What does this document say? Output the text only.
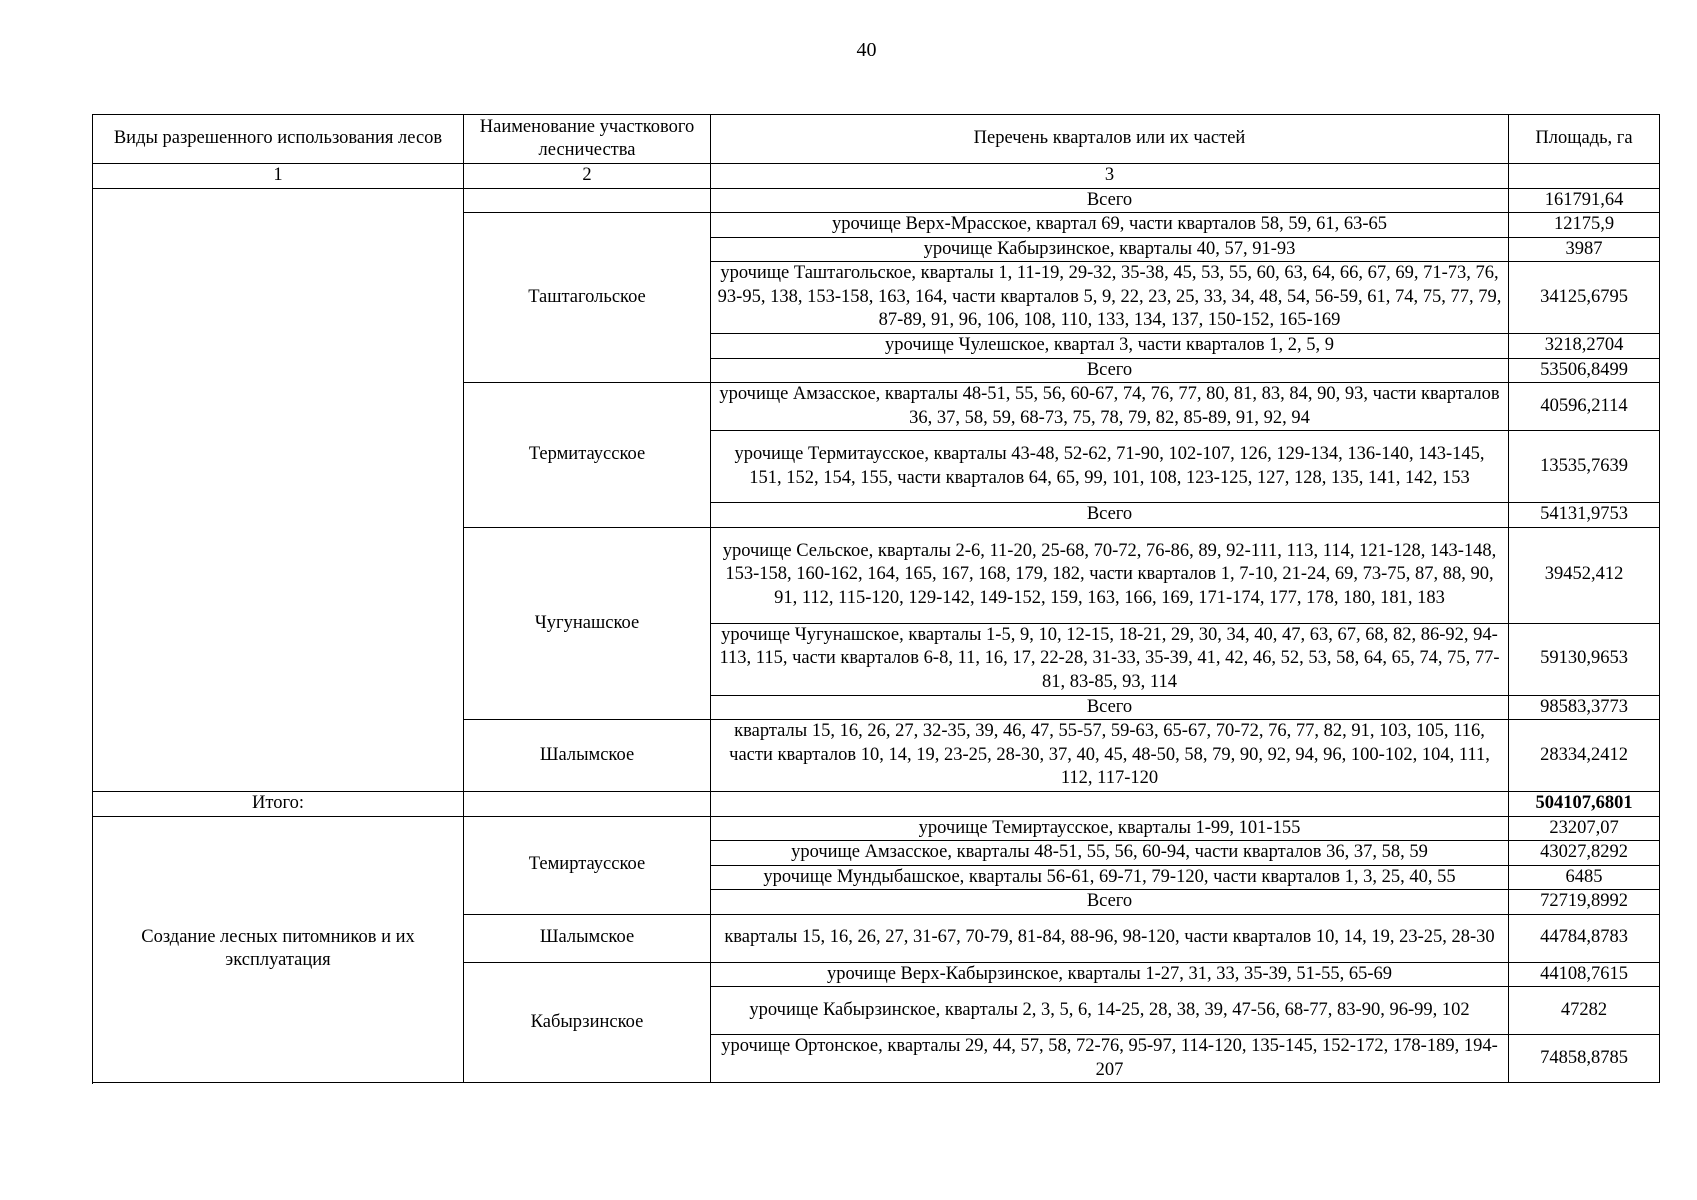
40
Виды разрешенного использования лесов	Наименование участкового лесничества	Перечень кварталов или их частей	Площадь, га
1	2	3	
		Всего	161791,64
	Таштагольское	урочище Верх-Мрасское, квартал 69, части кварталов 58, 59, 61, 63-65	12175,9
		урочище Кабырзинское, кварталы 40, 57, 91-93	3987
		урочище Таштагольское, кварталы 1, 11-19, 29-32, 35-38, 45, 53, 55, 60, 63, 64, 66, 67, 69, 71-73, 76, 93-95, 138, 153-158, 163, 164, части кварталов 5, 9, 22, 23, 25, 33, 34, 48, 54, 56-59, 61, 74, 75, 77, 79, 87-89, 91, 96, 106, 108, 110, 133, 134, 137, 150-152, 165-169	34125,6795
		урочище Чулешское, квартал 3, части кварталов 1, 2, 5, 9	3218,2704
		Всего	53506,8499

	Термитаусское	урочище Амзасское, кварталы 48-51, 55, 56, 60-67, 74, 76, 77, 80, 81, 83, 84, 90, 93, части кварталов 36, 37, 58, 59, 68-73, 75, 78, 79, 82, 85-89, 91, 92, 94	40596,2114
		урочище Термитаусское, кварталы 43-48, 52-62, 71-90, 102-107, 126, 129-134, 136-140, 143-145, 151, 152, 154, 155, части кварталов 64, 65, 99, 101, 108, 123-125, 127, 128, 135, 141, 142, 153	13535,7639
		Всего	54131,9753
	Чугунашское	урочище Сельское, кварталы 2-6, 11-20, 25-68, 70-72, 76-86, 89, 92-111, 113, 114, 121-128, 143-148, 153-158, 160-162, 164, 165, 167, 168, 179, 182, части кварталов 1, 7-10, 21-24, 69, 73-75, 87, 88, 90, 91, 112, 115-120, 129-142, 149-152, 159, 163, 166, 169, 171-174, 177, 178, 180, 181, 183	39452,412
		урочище Чугунашское, кварталы 1-5, 9, 10, 12-15, 18-21, 29, 30, 34, 40, 47, 63, 67, 68, 82, 86-92, 94-113, 115, части кварталов 6-8, 11, 16, 17, 22-28, 31-33, 35-39, 41, 42, 46, 52, 53, 58, 64, 65, 74, 75, 77-81, 83-85, 93, 114	59130,9653
		Всего	98583,3773
	Шалымское	кварталы 15, 16, 26, 27, 32-35, 39, 46, 47, 55-57, 59-63, 65-67, 70-72, 76, 77, 82, 91, 103, 105, 116, части кварталов 10, 14, 19, 23-25, 28-30, 37, 40, 45, 48-50, 58, 79, 90, 92, 94, 96, 100-102, 104, 111, 112, 117-120	28334,2412

Итого:			504107,6801
Создание лесных питомников и их эксплуатация	Темиртаусское	урочище Темиртаусское, кварталы 1-99, 101-155	23207,07
		урочище Амзасское, кварталы 48-51, 55, 56, 60-94, части кварталов 36, 37, 58, 59	43027,8292
		урочище Мундыбашское, кварталы 56-61, 69-71, 79-120, части кварталов 1, 3, 25, 40, 55	6485
		Всего	72719,8992
	Шалымское	кварталы 15, 16, 26, 27, 31-67, 70-79, 81-84, 88-96, 98-120, части кварталов 10, 14, 19, 23-25, 28-30	44784,8783
	Кабырзинское	урочище Верх-Кабырзинское, кварталы 1-27, 31, 33, 35-39, 51-55, 65-69	44108,7615
		урочище Кабырзинское, кварталы 2, 3, 5, 6, 14-25, 28, 38, 39, 47-56, 68-77, 83-90, 96-99, 102	47282
		урочище Ортонское, кварталы 29, 44, 57, 58, 72-76, 95-97, 114-120, 135-145, 152-172, 178-189, 194-207	74858,8785
